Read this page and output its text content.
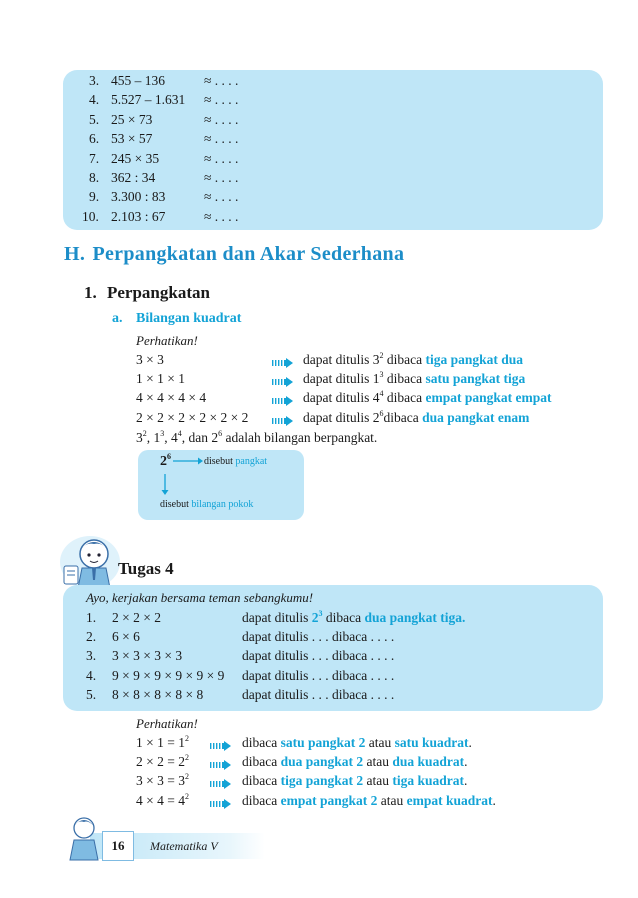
3. 455 – 136	≈ . . . .
4. 5.527 – 1.631 ≈ . . . .
5. 25 × 73	≈ . . . .
6. 53 × 57	≈ . . . .
7. 245 × 35	≈ . . . .
8. 362 : 34	≈ . . . .
9. 3.300 : 83	≈ . . . .
10. 2.103 : 67	≈ . . . .
H. Perpangkatan dan Akar Sederhana
1. Perpangkatan
a. Bilangan kuadrat
Perhatikan!
3 × 3	dapat ditulis $3^2$ dibaca tiga pangkat dua
1 × 1 × 1	dapat ditulis $1^3$ dibaca satu pangkat tiga
4 × 4 × 4 × 4	dapat ditulis $4^4$ dibaca empat pangkat empat
2 × 2 × 2 × 2 × 2 × 2	dapat ditulis $2^6dibaca$ dua pangkat enam
$3^2$, $1^3$, $4^4$, dan $2^6$ adalah bilangan berpangkat.
$2^6$	disebut pangkat
disebut bilangan pokok
Tugas 4
Ayo, kerjakan bersama teman sebangkumu!
1. 2 × 2 × 2	dapat ditulis $2^3$ dibaca dua pangkat tiga.
2. 6 × 6	dapat ditulis . . . dibaca . . . .
3. 3 × 3 × 3 × 3	dapat ditulis . . . dibaca . . . .
4. 9 × 9 × 9 × 9 × 9 × 9 dapat ditulis . . . dibaca . . . .
5. 8 × 8 × 8 × 8 × 8	dapat ditulis . . . dibaca . . . .
Perhatikan!
$1 \times 1 = 1^2$	dibaca satu pangkat 2 atau satu kuadrat.
$2 \times 2 = 2^2$	dibaca dua pangkat 2 atau dua kuadrat.
$3 \times 3 = 3^2$	dibaca tiga pangkat 2 atau tiga kuadrat.
$4 \times 4 = 4^2$	dibaca empat pangkat 2 atau empat kuadrat.
16	Matematika V
